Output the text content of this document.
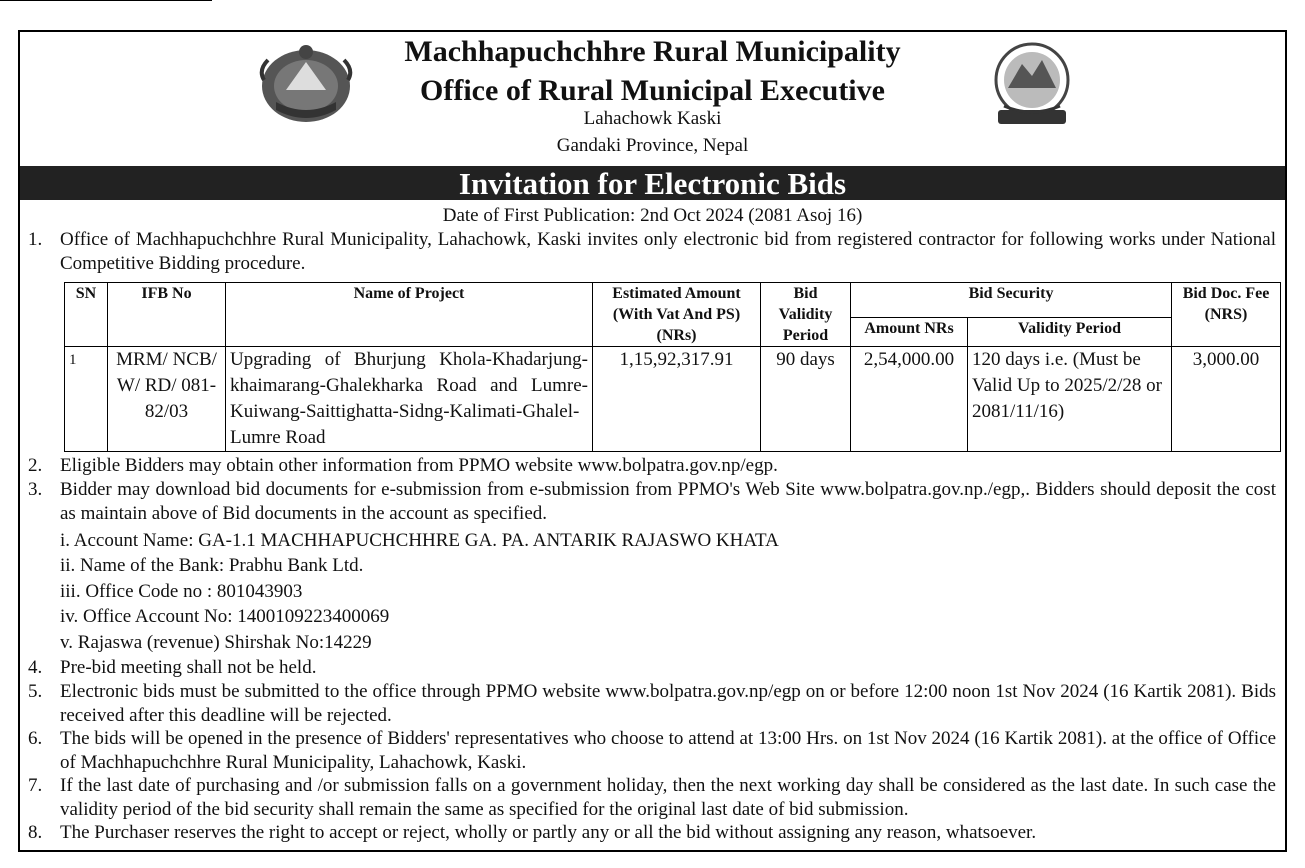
Machhapuchchhre Rural Municipality
Office of Rural Municipal Executive
Lahachowk Kaski
Gandaki Province, Nepal
Invitation for Electronic Bids
Date of First Publication: 2nd Oct 2024 (2081 Asoj 16)
1. Office of Machhapuchchhre Rural Municipality, Lahachowk, Kaski invites only electronic bid from registered contractor for following works under National Competitive Bidding procedure.
SN	IFB No	Name of Project	Estimated Amount (With Vat And PS) (NRs)	Bid Validity Period	Bid Security		Bid Doc. Fee (NRS)
					Amount NRs	Validity Period	
1	MRM/ NCB/ W/ RD/ 081-82/03	Upgrading of Bhurjung Khola-Khadarjung-khaimarang-Ghalekharka Road and Lumre-Kuiwang-Saittighatta-Sidng-Kalimati-Ghalel-Lumre Road	1,15,92,317.91	90 days	2,54,000.00	120 days i.e. (Must be Valid Up to 2025/2/28 or 2081/11/16)	3,000.00
2. Eligible Bidders may obtain other information from PPMO website www.bolpatra.gov.np/egp.
3. Bidder may download bid documents for e-submission from e-submission from PPMO's Web Site www.bolpatra.gov.np./egp,. Bidders should deposit the cost as maintain above of Bid documents in the account as specified.
i. Account Name: GA-1.1 MACHHAPUCHCHHRE GA. PA. ANTARIK RAJASWO KHATA
ii. Name of the Bank: Prabhu Bank Ltd.
iii. Office Code no : 801043903
iv. Office Account No: 1400109223400069
v. Rajaswa (revenue) Shirshak No:14229
4. Pre-bid meeting shall not be held.
5. Electronic bids must be submitted to the office through PPMO website www.bolpatra.gov.np/egp on or before 12:00 noon 1st Nov 2024 (16 Kartik 2081). Bids received after this deadline will be rejected.
6. The bids will be opened in the presence of Bidders' representatives who choose to attend at 13:00 Hrs. on 1st Nov 2024 (16 Kartik 2081). at the office of Office of Machhapuchchhre Rural Municipality, Lahachowk, Kaski.
7. If the last date of purchasing and /or submission falls on a government holiday, then the next working day shall be considered as the last date. In such case the validity period of the bid security shall remain the same as specified for the original last date of bid submission.
8. The Purchaser reserves the right to accept or reject, wholly or partly any or all the bid without assigning any reason, whatsoever.
